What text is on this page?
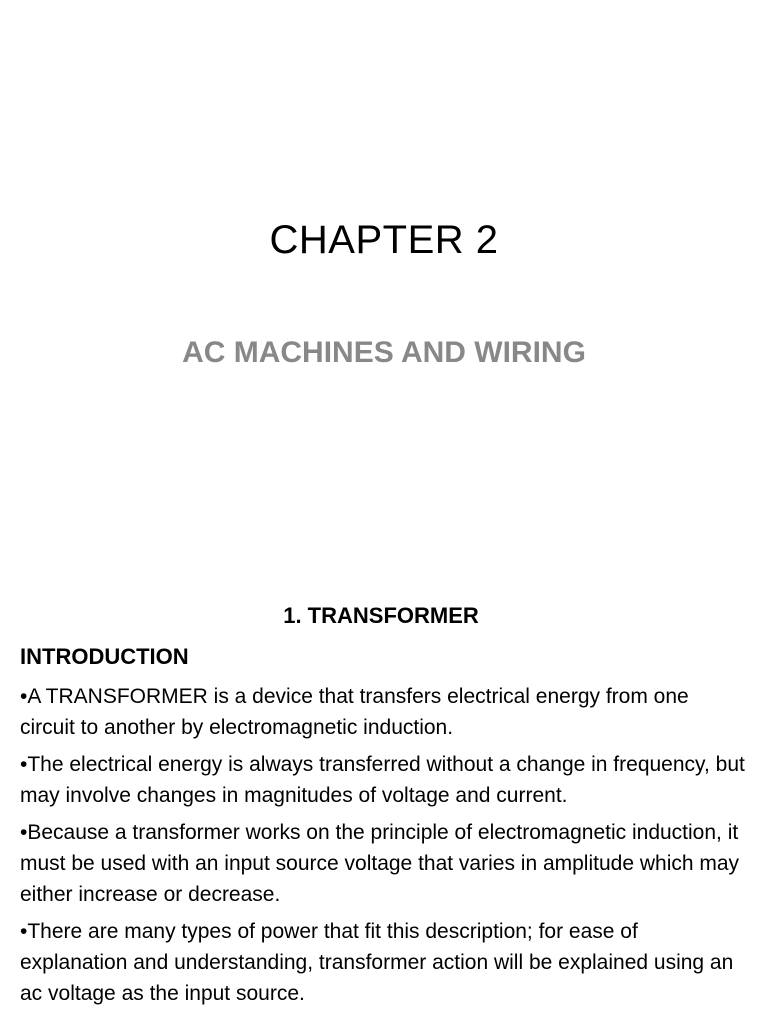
CHAPTER 2
AC MACHINES AND WIRING
1. TRANSFORMER
INTRODUCTION
•A TRANSFORMER is a device that transfers electrical energy from one circuit to another by electromagnetic induction.
•The electrical energy is always transferred without a change in frequency, but may involve changes in magnitudes of voltage and current.
•Because a transformer works on the principle of electromagnetic induction, it must be used with an input source voltage that varies in amplitude which may either increase or decrease.
•There are many types of power that fit this description; for ease of explanation and understanding, transformer action will be explained using an ac voltage as the input source.
